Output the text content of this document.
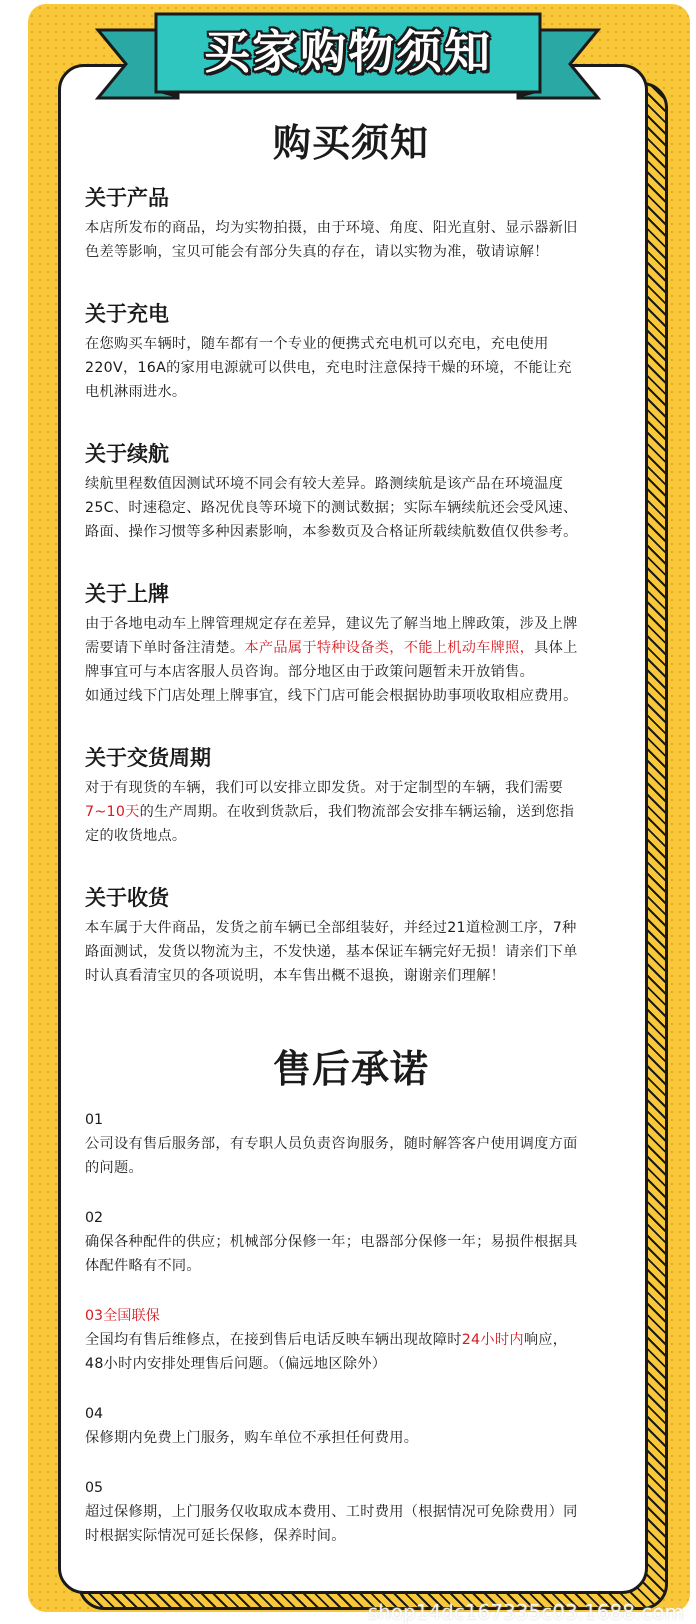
买家购物须知
购买须知
关于产品

本店所发布的商品，均为实物拍摄，由于环境、角度、阳光直射、显示器新旧

色差等影响，宝贝可能会有部分失真的存在，请以实物为准，敬请谅解！

关于充电

在您购买车辆时，随车都有一个专业的便携式充电机可以充电，充电使用

220V，16A的家用电源就可以供电，充电时注意保持干燥的环境，不能让充

电机淋雨进水。

关于续航

续航里程数值因测试环境不同会有较大差异。路测续航是该产品在环境温度

25C、时速稳定、路况优良等环境下的测试数据；实际车辆续航还会受风速、

路面、操作习惯等多种因素影响，本参数页及合格证所载续航数值仅供参考。

关于上牌

由于各地电动车上牌管理规定存在差异，建议先了解当地上牌政策，涉及上牌

需要请下单时备注清楚。本产品属于特种设备类，不能上机动车牌照，具体上

牌事宜可与本店客服人员咨询。部分地区由于政策问题暂未开放销售。

如通过线下门店处理上牌事宜，线下门店可能会根据协助事项收取相应费用。

关于交货周期

对于有现货的车辆，我们可以安排立即发货。对于定制型的车辆，我们需要

7~10天的生产周期。在收到货款后，我们物流部会安排车辆运输，送到您指

定的收货地点。

关于收货

本车属于大件商品，发货之前车辆已全部组装好，并经过21道检测工序，7种

路面测试，发货以物流为主，不发快递，基本保证车辆完好无损！请亲们下单

时认真看清宝贝的各项说明，本车售出概不退换，谢谢亲们理解！

售后承诺

01

公司设有售后服务部，有专职人员负责咨询服务，随时解答客户使用调度方面

的问题。

02

确保各种配件的供应；机械部分保修一年；电器部分保修一年；易损件根据具

体配件略有不同。

03全国联保

全国均有售后维修点，在接到售后电话反映车辆出现故障时24小时内响应，

48小时内安排处理售后问题。（偏远地区除外）

04

保修期内免费上门服务，购车单位不承担任何费用。

05

超过保修期，上门服务仅收取成本费用、工时费用（根据情况可免除费用）同

时根据实际情况可延长保修，保养时间。

shop14dc167335c03.1688.com
